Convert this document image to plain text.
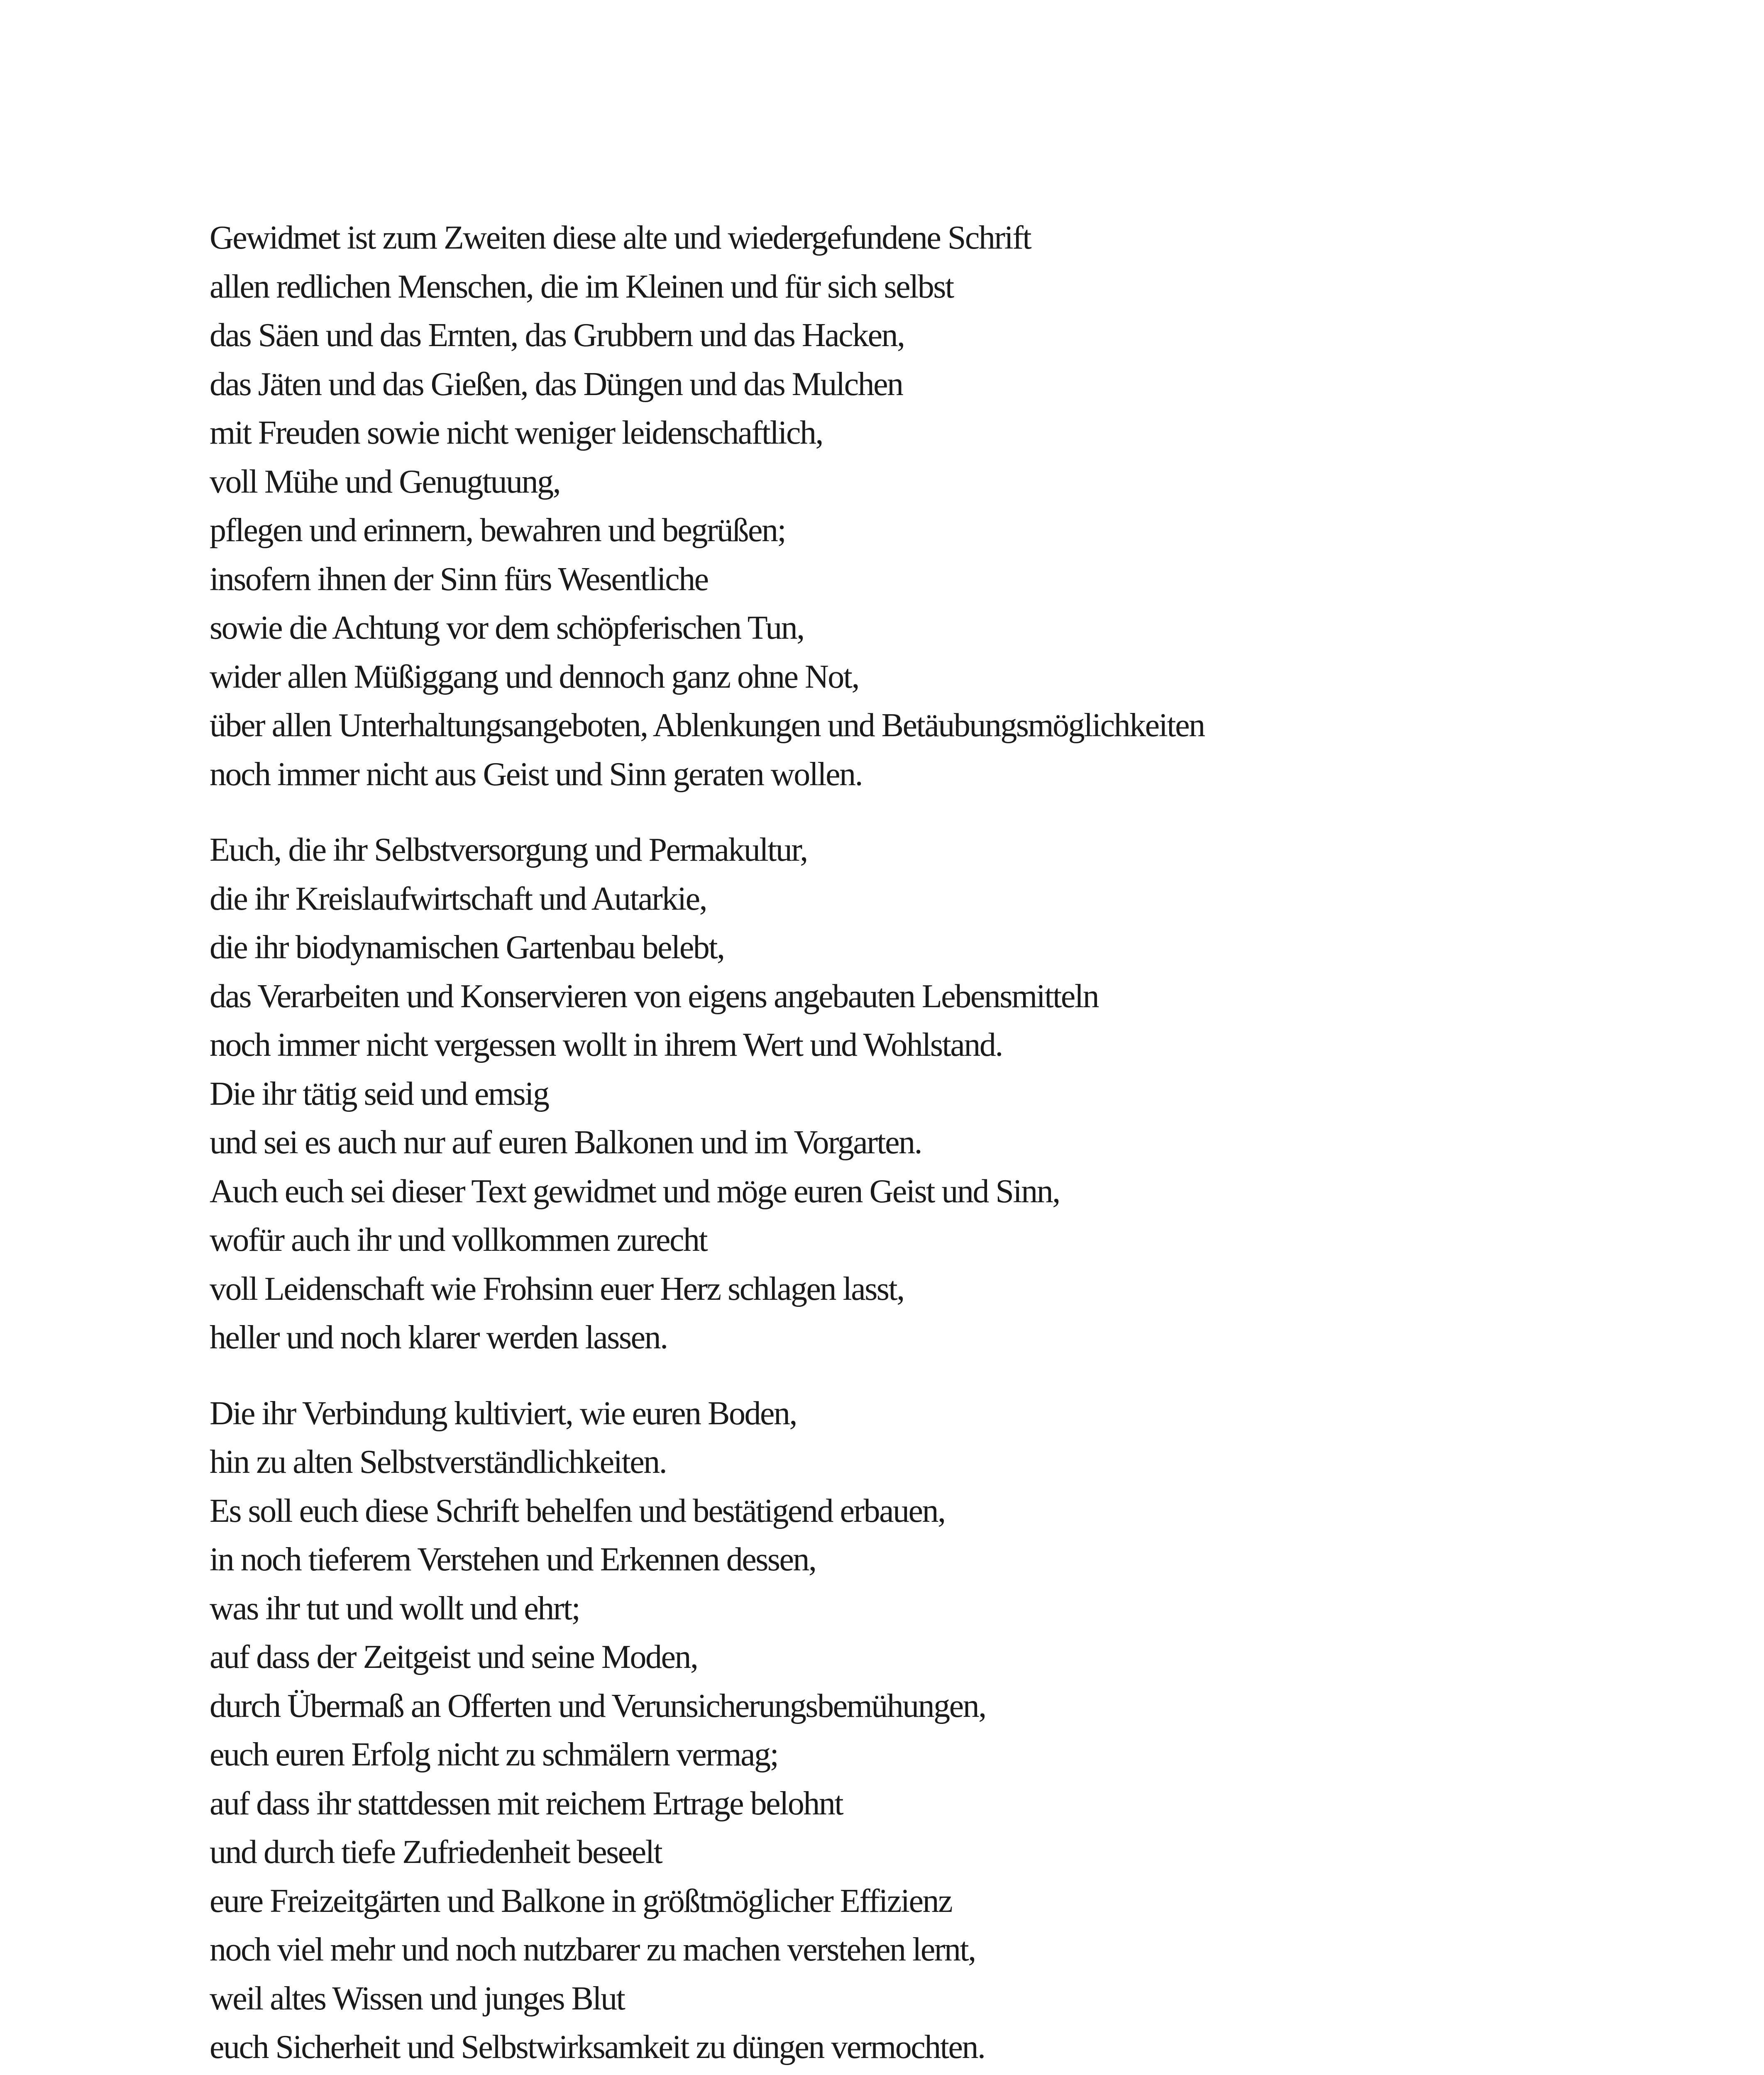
Gewidmet ist zum Zweiten diese alte und wiedergefundene Schrift
allen redlichen Menschen, die im Kleinen und für sich selbst
das Säen und das Ernten, das Grubbern und das Hacken,
das Jäten und das Gießen, das Düngen und das Mulchen
mit Freuden sowie nicht weniger leidenschaftlich,
voll Mühe und Genugtuung,
pflegen und erinnern, bewahren und begrüßen;
insofern ihnen der Sinn fürs Wesentliche
sowie die Achtung vor dem schöpferischen Tun,
wider allen Müßiggang und dennoch ganz ohne Not,
über allen Unterhaltungsangeboten, Ablenkungen und Betäubungsmöglichkeiten
noch immer nicht aus Geist und Sinn geraten wollen.

Euch, die ihr Selbstversorgung und Permakultur,
die ihr Kreislaufwirtschaft und Autarkie,
die ihr biodynamischen Gartenbau belebt,
das Verarbeiten und Konservieren von eigens angebauten Lebensmitteln
noch immer nicht vergessen wollt in ihrem Wert und Wohlstand.
Die ihr tätig seid und emsig
und sei es auch nur auf euren Balkonen und im Vorgarten.
Auch euch sei dieser Text gewidmet und möge euren Geist und Sinn,
wofür auch ihr und vollkommen zurecht
voll Leidenschaft wie Frohsinn euer Herz schlagen lasst,
heller und noch klarer werden lassen.

Die ihr Verbindung kultiviert, wie euren Boden,
hin zu alten Selbstverständlichkeiten.
Es soll euch diese Schrift behelfen und bestätigend erbauen,
in noch tieferem Verstehen und Erkennen dessen,
was ihr tut und wollt und ehrt;
auf dass der Zeitgeist und seine Moden,
durch Übermaß an Offerten und Verunsicherungsbemühungen,
euch euren Erfolg nicht zu schmälern vermag;
auf dass ihr stattdessen mit reichem Ertrage belohnt
und durch tiefe Zufriedenheit beseelt
eure Freizeitgärten und Balkone in größtmöglicher Effizienz
noch viel mehr und noch nutzbarer zu machen verstehen lernt,
weil altes Wissen und junges Blut
euch Sicherheit und Selbstwirksamkeit zu düngen vermochten.
